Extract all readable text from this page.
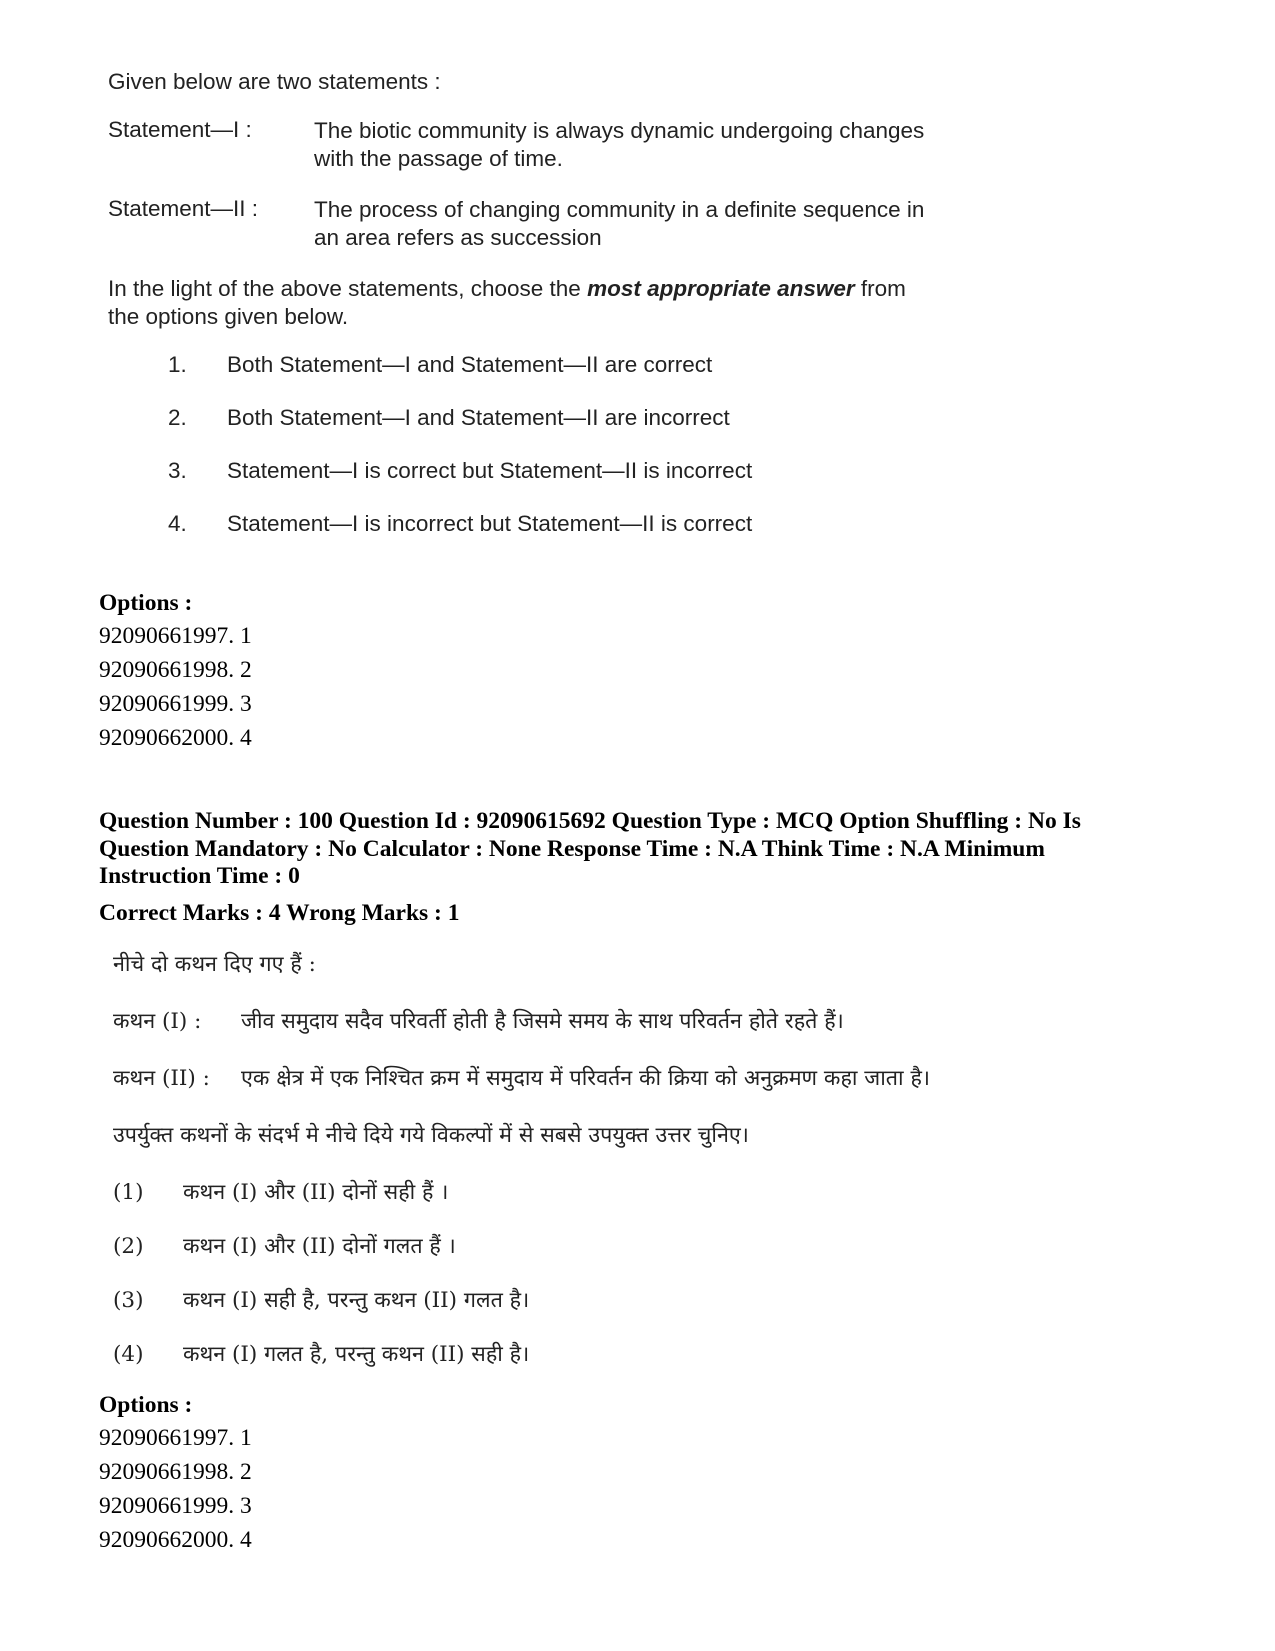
Given below are two statements :
Statement—I :	The biotic community is always dynamic undergoing changes
with the passage of time.
Statement—II :	The process of changing community in a definite sequence in
an area refers as succession
In the light of the above statements, choose the most appropriate answer from
the options given below.
1.	Both Statement—I and Statement—II are correct
2.	Both Statement—I and Statement—II are incorrect
3.	Statement—I is correct but Statement—II is incorrect
4.	Statement—I is incorrect but Statement—II is correct
Options :
92090661997. 1
92090661998. 2
92090661999. 3
92090662000. 4
Question Number : 100 Question Id : 92090615692 Question Type : MCQ Option Shuffling : No Is
Question Mandatory : No Calculator : None Response Time : N.A Think Time : N.A Minimum
Instruction Time : 0
Correct Marks : 4 Wrong Marks : 1
नीचे दो कथन दिए गए हैं :
कथन (I) :	जीव समुदाय सदैव परिवर्ती होती है जिसमे समय के साथ परिवर्तन होते रहते हैं।
कथन (II) :	एक क्षेत्र में एक निश्चित क्रम में समुदाय में परिवर्तन की क्रिया को अनुक्रमण कहा जाता है।
उपर्युक्त कथनों के संदर्भ मे नीचे दिये गये विकल्पों में से सबसे उपयुक्त उत्तर चुनिए।
(1)	कथन (I) और (II) दोनों सही हैं ।
(2)	कथन (I) और (II) दोनों गलत हैं ।
(3)	कथन (I) सही है, परन्तु कथन (II) गलत है।
(4)	कथन (I) गलत है, परन्तु कथन (II) सही है।
Options :
92090661997. 1
92090661998. 2
92090661999. 3
92090662000. 4
